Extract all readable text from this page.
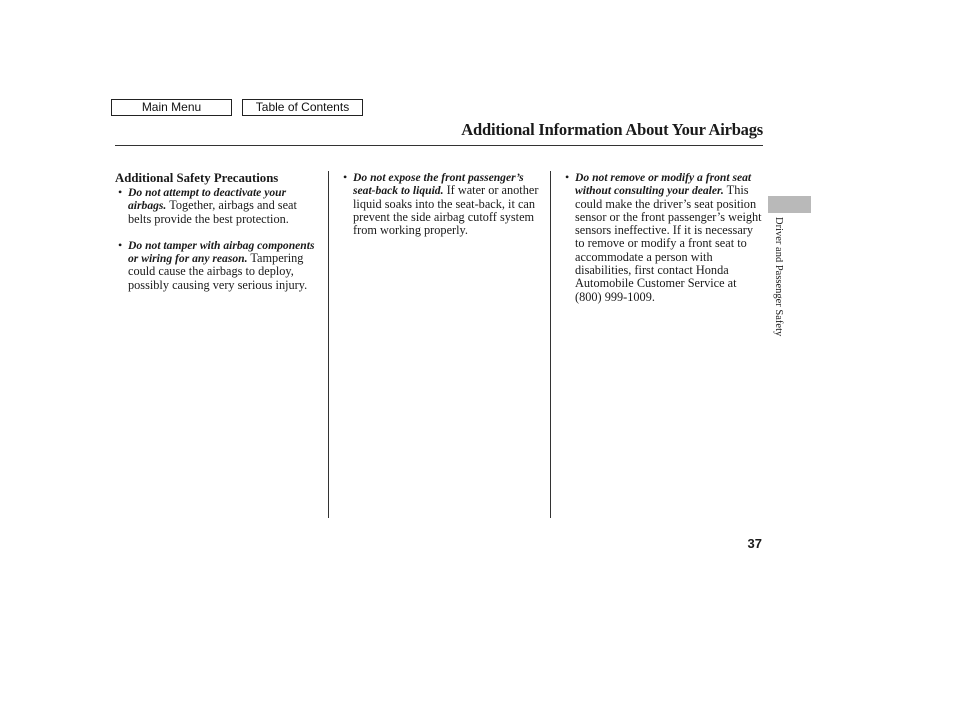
Main Menu	Table of Contents
Additional Information About Your Airbags
Additional Safety Precautions

• Do not attempt to deactivate your airbags. Together, airbags and seat belts provide the best protection.

• Do not tamper with airbag components or wiring for any reason. Tampering could cause the airbags to deploy, possibly causing very serious injury.

• Do not expose the front passenger’s seat-back to liquid. If water or another liquid soaks into the seat-back, it can prevent the side airbag cutoff system from working properly.

• Do not remove or modify a front seat without consulting your dealer. This could make the driver’s seat position sensor or the front passenger’s weight sensors ineffective. If it is necessary to remove or modify a front seat to accommodate a person with disabilities, first contact Honda Automobile Customer Service at (800) 999-1009.	Driver and Passenger Safety
37
